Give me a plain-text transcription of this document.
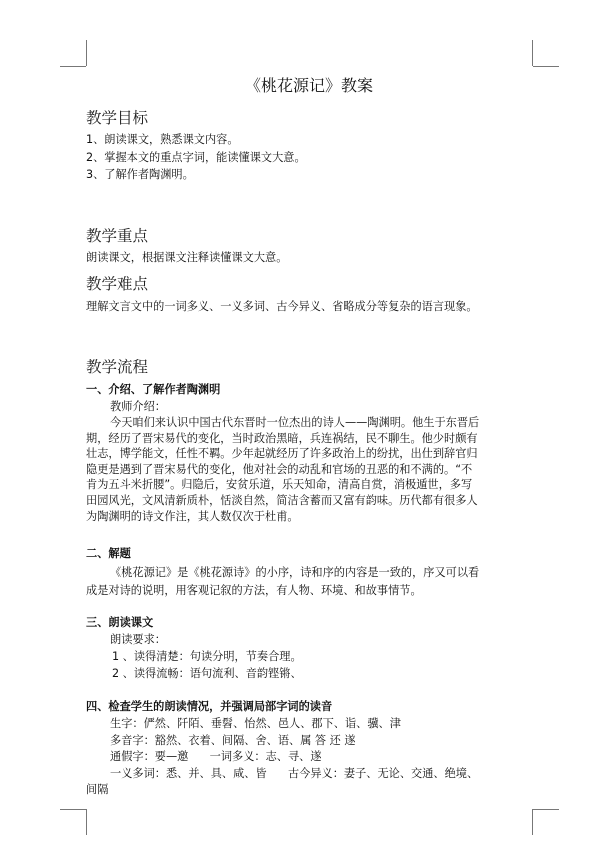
《桃花源记》教案
教学目标
1、朗读课文，熟悉课文内容。
2、掌握本文的重点字词，能读懂课文大意。
3、了解作者陶渊明。
教学重点
朗读课文，根据课文注释读懂课文大意。
教学难点
理解文言文中的一词多义、一义多词、古今异义、省略成分等复杂的语言现象。
教学流程
一、介绍、了解作者陶渊明
教师介绍：
今天咱们来认识中国古代东晋时一位杰出的诗人——陶渊明。他生于东晋后
期，经历了晋宋易代的变化，当时政治黑暗，兵连祸结，民不聊生。他少时颇有
壮志，博学能文，任性不羁。少年起就经历了许多政治上的纷扰，出仕到辞官归
隐更是遇到了晋宋易代的变化，他对社会的动乱和官场的丑恶的和不满的。“不
肯为五斗米折腰”。归隐后，安贫乐道，乐天知命，清高自赏，消极遁世，多写
田园风光，文风清新质朴，恬淡自然，简洁含蓄而又富有韵味。历代都有很多人
为陶渊明的诗文作注，其人数仅次于杜甫。
二、解题
《桃花源记》是《桃花源诗》的小序，诗和序的内容是一致的，序又可以看
成是对诗的说明，用客观记叙的方法，有人物、环境、和故事情节。
三、朗读课文
朗读要求：
1 、读得清楚：句读分明，节奏合理。
2 、读得流畅：语句流利、音韵铿锵、
四、检查学生的朗读情况，并强调局部字词的读音
生字：俨然、阡陌、垂髫、怡然、邑人、郡下、诣、骥、津
多音字：豁然、衣着、间隔、舍、语、属 答 还 遂
通假字：要—邀      一词多义：志、寻、遂
一义多词：悉、并、具、咸、皆      古今异义：妻子、无论、交通、绝境、
间隔
